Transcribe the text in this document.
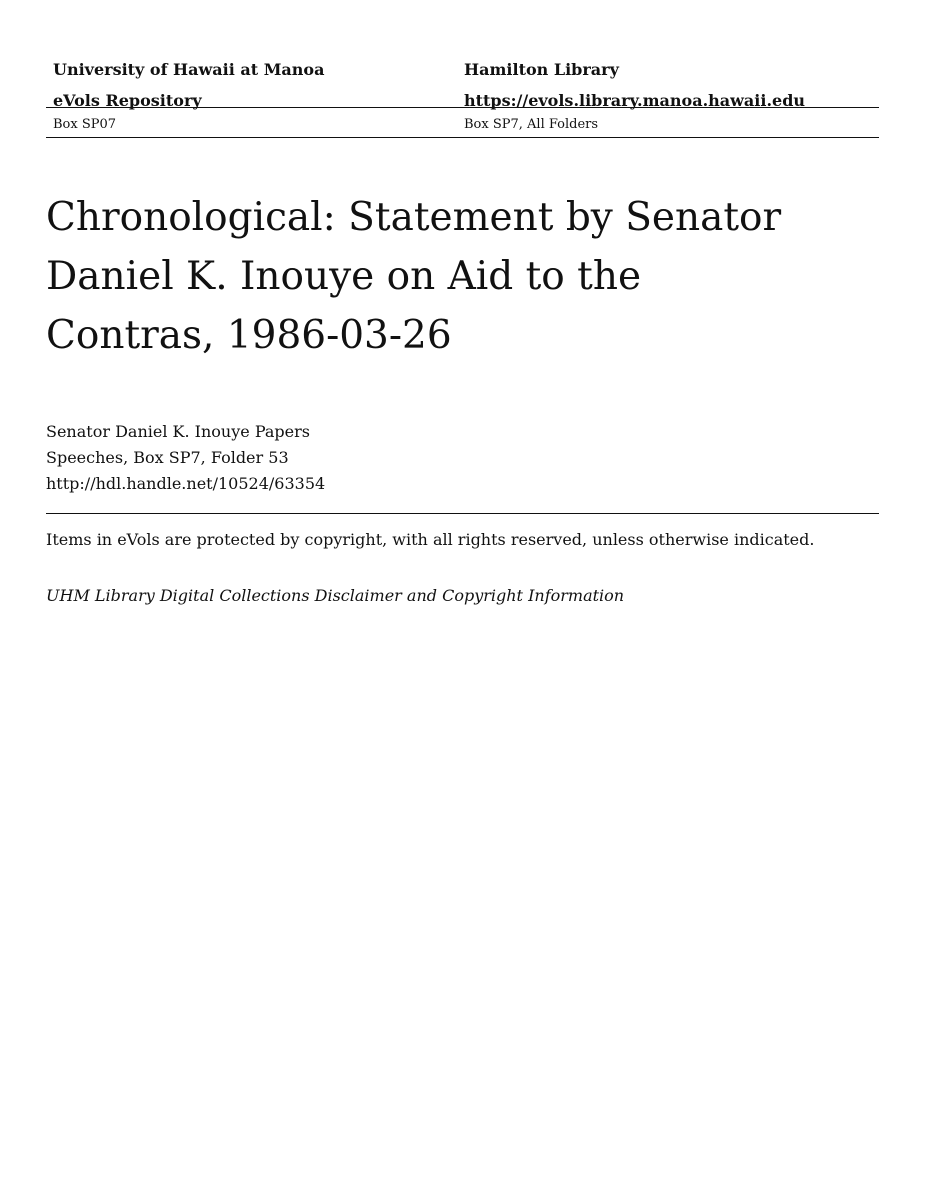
University of Hawaii at Manoa
eVols Repository
Hamilton Library
https://evols.library.manoa.hawaii.edu
Box SP07	Box SP7, All Folders
Chronological: Statement by Senator
Daniel K. Inouye on Aid to the
Contras, 1986-03-26
Senator Daniel K. Inouye Papers
Speeches, Box SP7, Folder 53
http://hdl.handle.net/10524/63354
Items in eVols are protected by copyright, with all rights reserved, unless otherwise indicated.
UHM Library Digital Collections Disclaimer and Copyright Information
